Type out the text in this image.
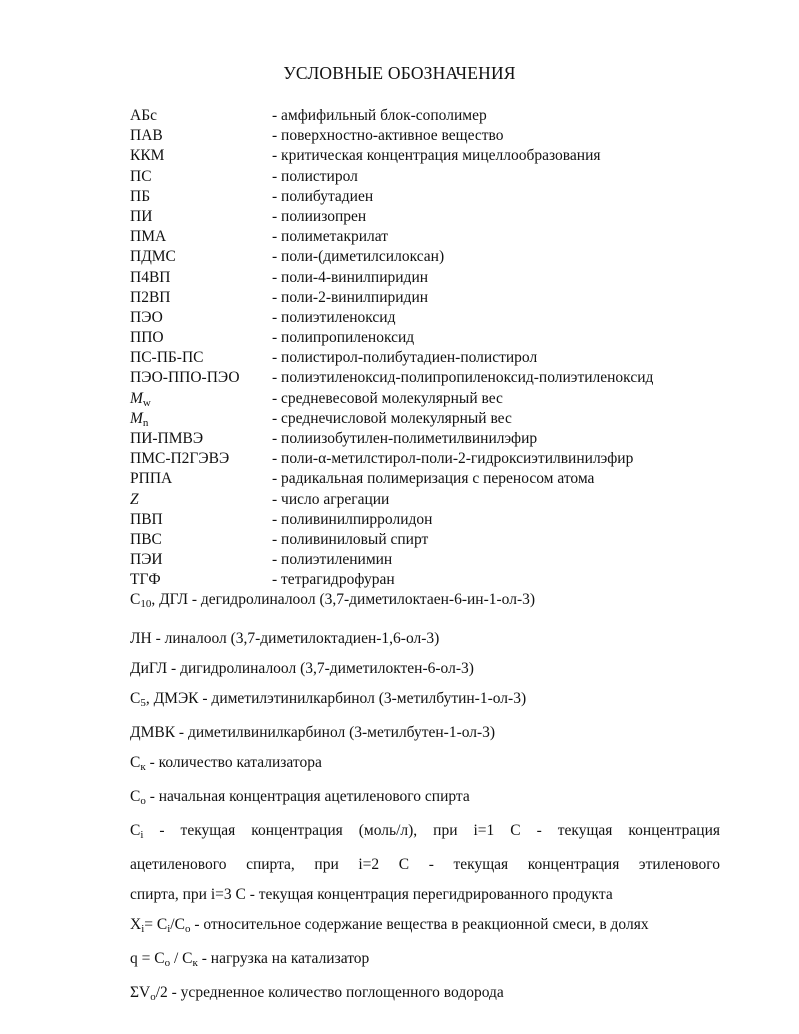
УСЛОВНЫЕ ОБОЗНАЧЕНИЯ
АБс	- амфифильный блок-сополимер
ПАВ	- поверхностно-активное вещество
ККМ	- критическая концентрация мицеллообразования
ПС	- полистирол
ПБ	- полибутадиен
ПИ	- полиизопрен
ПМА	- полиметакрилат
ПДМС	- поли-(диметилсилоксан)
П4ВП	- поли-4-винилпиридин
П2ВП	- поли-2-винилпиридин
ПЭО	- полиэтиленоксид
ППО	- полипропиленоксид
ПС-ПБ-ПС	- полистирол-полибутадиен-полистирол
ПЭО-ППО-ПЭО - полиэтиленоксид-полипропиленоксид-полиэтиленоксид
$M_w$	- средневесовой молекулярный вес
$M_n$	- среднечисловой молекулярный вес
ПИ-ПМВЭ	- полиизобутилен-полиметилвинилэфир
ПМС-П2ГЭВЭ	- поли-α-метилстирол-поли-2-гидроксиэтилвинилэфир
РППА	- радикальная полимеризация с переносом атома
Z	- число агрегации
ПВП	- поливинилпирролидон
ПВС	- поливиниловый спирт
ПЭИ	- полиэтиленимин
ТГФ	- тетрагидрофуран
$C_{10}$, ДГЛ - дегидролиналоол (3,7-диметилоктаен-6-ин-1-ол-3)
ЛН - линалоол (3,7-диметилоктадиен-1,6-ол-3)
ДиГЛ - дигидролиналоол (3,7-диметилоктен-6-ол-3)
$C_5$, ДМЭК - диметилэтинилкарбинол (3-метилбутин-1-ол-3)
ДМВК - диметилвинилкарбинол (3-метилбутен-1-ол-3)
$C_к$ - количество катализатора
$C_о$ - начальная концентрация ацетиленового спирта
$C_i$ - текущая концентрация (моль/л), при i=1 C - текущая концентрация
ацетиленового спирта, при i=2 C - текущая концентрация этиленового
спирта, при i=3 C - текущая концентрация перегидрированного продукта
$X_i= C_i/C_о$ - относительное содержание вещества в реакционной смеси, в долях
$q = C_о / C_к$ - нагрузка на катализатор
$\Sigma V_о/2$ - усредненное количество поглощенного водорода
